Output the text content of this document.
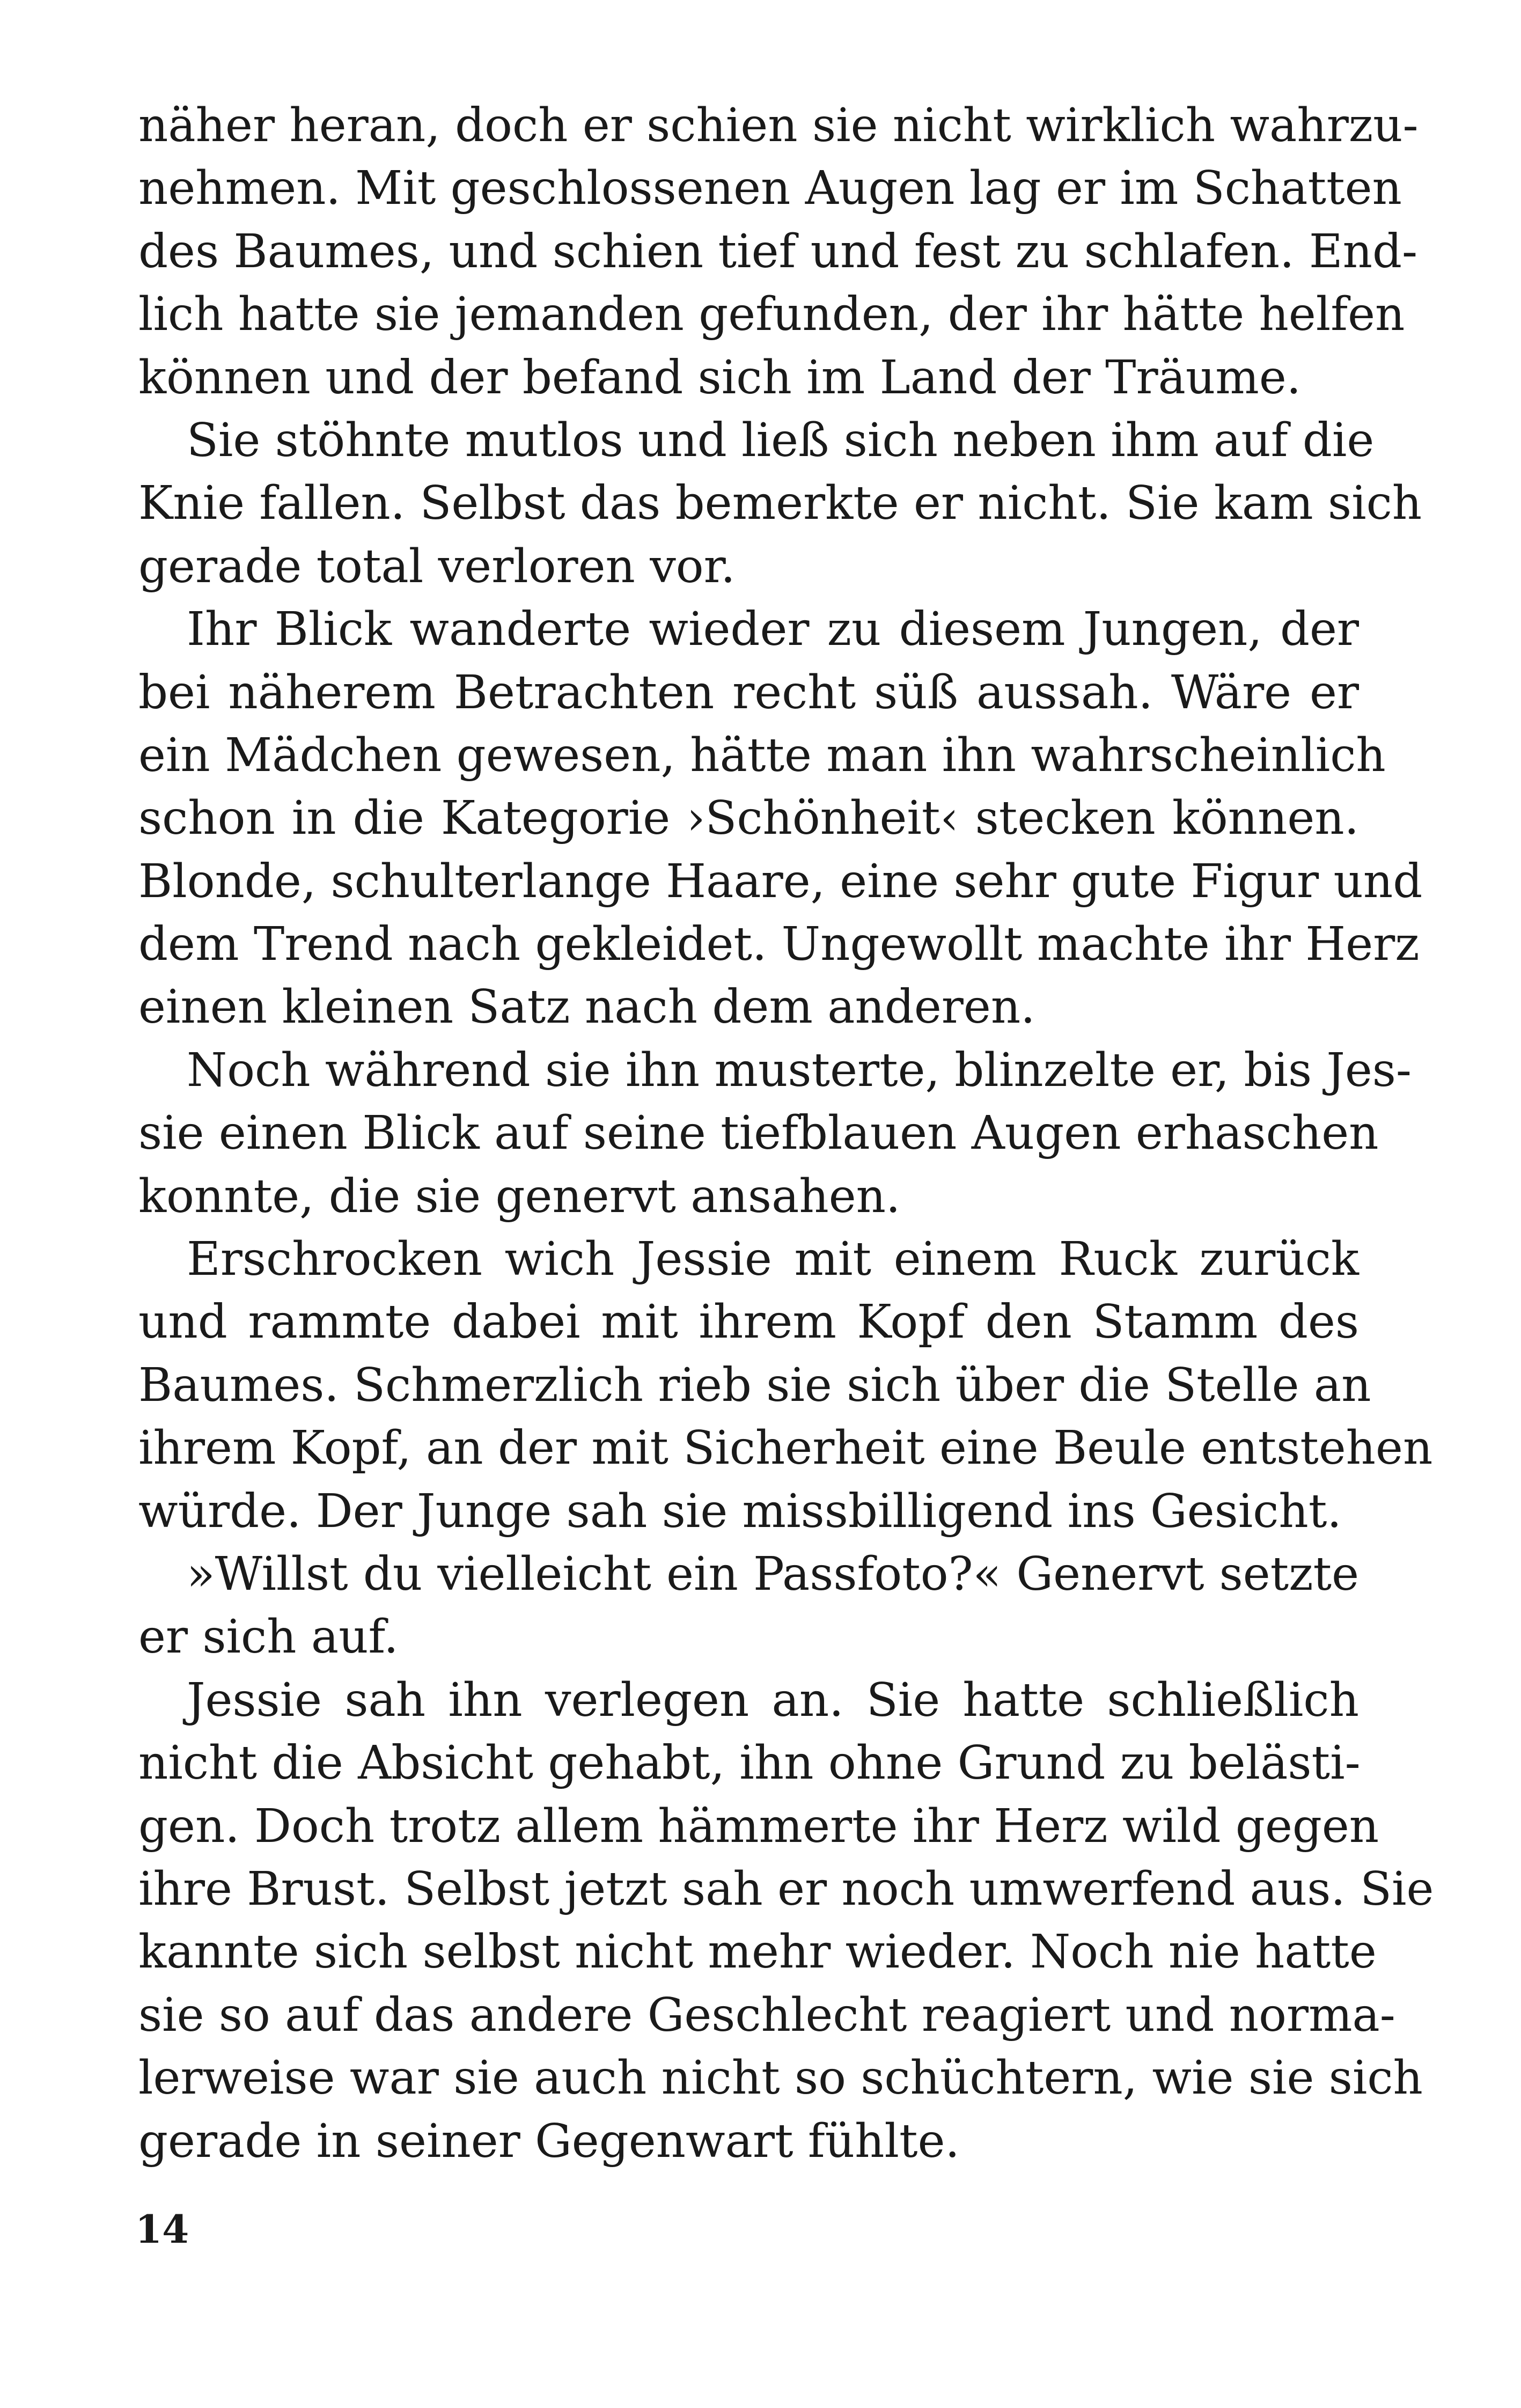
näher heran, doch er schien sie nicht wirklich wahrzu-
nehmen. Mit geschlossenen Augen lag er im Schatten
des Baumes, und schien tief und fest zu schlafen. End-
lich hatte sie jemanden gefunden, der ihr hätte helfen
können und der befand sich im Land der Träume.
Sie stöhnte mutlos und ließ sich neben ihm auf die
Knie fallen. Selbst das bemerkte er nicht. Sie kam sich
gerade total verloren vor.
Ihr Blick wanderte wieder zu diesem Jungen, der
bei näherem Betrachten recht süß aussah. Wäre er
ein Mädchen gewesen, hätte man ihn wahrscheinlich
schon in die Kategorie ›Schönheit‹ stecken können.
Blonde, schulterlange Haare, eine sehr gute Figur und
dem Trend nach gekleidet. Ungewollt machte ihr Herz
einen kleinen Satz nach dem anderen.
Noch während sie ihn musterte, blinzelte er, bis Jes-
sie einen Blick auf seine tiefblauen Augen erhaschen
konnte, die sie genervt ansahen.
Erschrocken wich Jessie mit einem Ruck zurück
und rammte dabei mit ihrem Kopf den Stamm des
Baumes. Schmerzlich rieb sie sich über die Stelle an
ihrem Kopf, an der mit Sicherheit eine Beule entstehen
würde. Der Junge sah sie missbilligend ins Gesicht.
»Willst du vielleicht ein Passfoto?« Genervt setzte
er sich auf.
Jessie sah ihn verlegen an. Sie hatte schließlich
nicht die Absicht gehabt, ihn ohne Grund zu belästi-
gen. Doch trotz allem hämmerte ihr Herz wild gegen
ihre Brust. Selbst jetzt sah er noch umwerfend aus. Sie
kannte sich selbst nicht mehr wieder. Noch nie hatte
sie so auf das andere Geschlecht reagiert und norma-
lerweise war sie auch nicht so schüchtern, wie sie sich
gerade in seiner Gegenwart fühlte.
14
